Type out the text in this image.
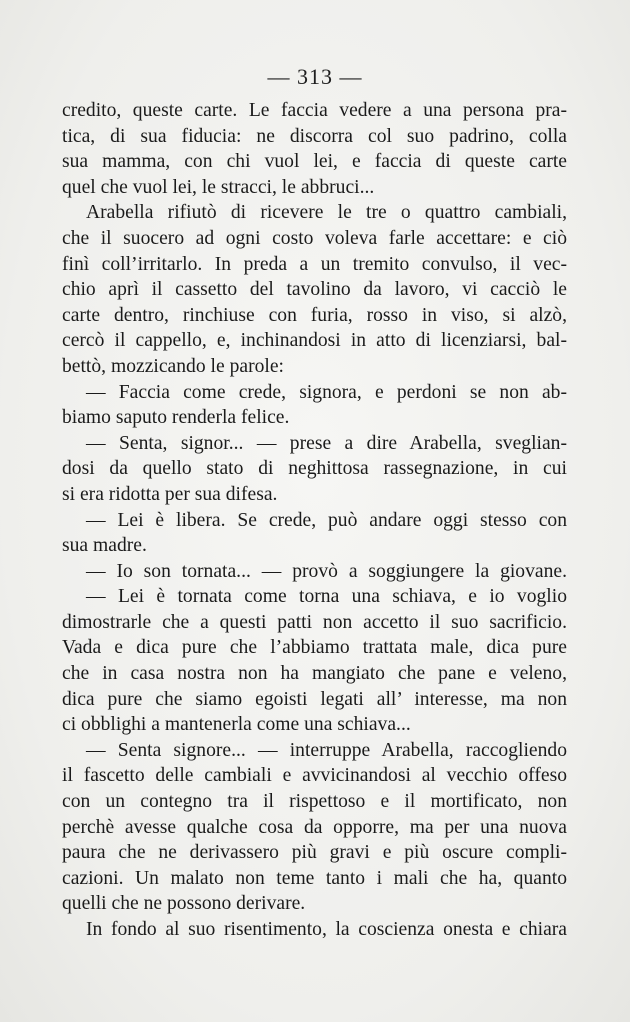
— 313 —
credito, queste carte. Le faccia vedere a una persona pra-
tica, di sua fiducia: ne discorra col suo padrino, colla
sua mamma, con chi vuol lei, e faccia di queste carte
quel che vuol lei, le stracci, le abbruci...
Arabella rifiutò di ricevere le tre o quattro cambiali,
che il suocero ad ogni costo voleva farle accettare: e ciò
finì coll’irritarlo. In preda a un tremito convulso, il vec-
chio aprì il cassetto del tavolino da lavoro, vi cacciò le
carte dentro, rinchiuse con furia, rosso in viso, si alzò,
cercò il cappello, e, inchinandosi in atto di licenziarsi, bal-
bettò, mozzicando le parole:
— Faccia come crede, signora, e perdoni se non ab-
biamo saputo renderla felice.
— Senta, signor... — prese a dire Arabella, sveglian-
dosi da quello stato di neghittosa rassegnazione, in cui
si era ridotta per sua difesa.
— Lei è libera. Se crede, può andare oggi stesso con
sua madre.
— Io son tornata... — provò a soggiungere la giovane.
— Lei è tornata come torna una schiava, e io voglio
dimostrarle che a questi patti non accetto il suo sacrificio.
Vada e dica pure che l’abbiamo trattata male, dica pure
che in casa nostra non ha mangiato che pane e veleno,
dica pure che siamo egoisti legati all’ interesse, ma non
ci obblighi a mantenerla come una schiava...
— Senta signore... — interruppe Arabella, raccogliendo
il fascetto delle cambiali e avvicinandosi al vecchio offeso
con un contegno tra il rispettoso e il mortificato, non
perchè avesse qualche cosa da opporre, ma per una nuova
paura che ne derivassero più gravi e più oscure compli-
cazioni. Un malato non teme tanto i mali che ha, quanto
quelli che ne possono derivare.
In fondo al suo risentimento, la coscienza onesta e chiara
